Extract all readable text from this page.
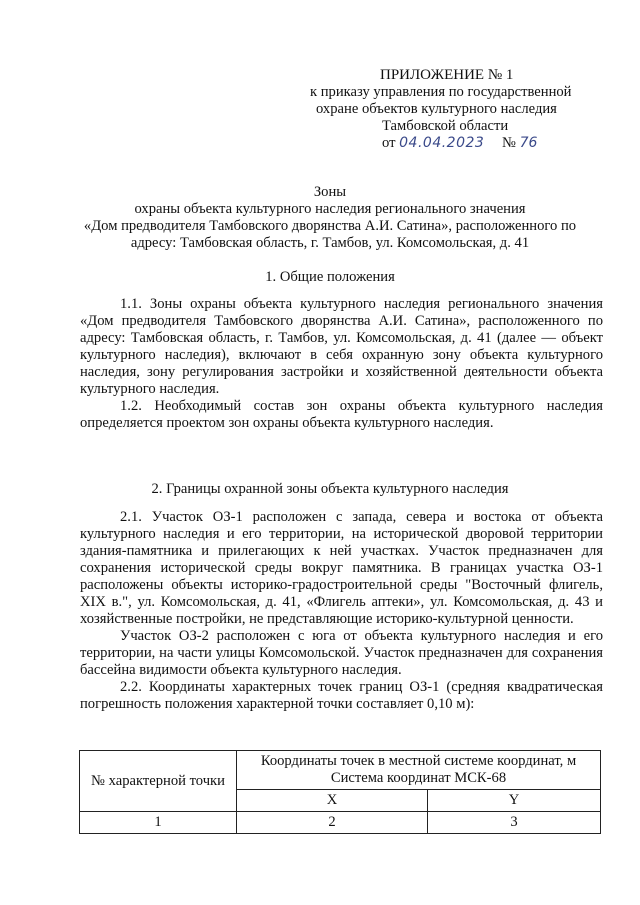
ПРИЛОЖЕНИЕ № 1
к приказу управления по государственной
охране объектов культурного наследия
Тамбовской области
от 04.04.2023 № 76
Зоны
охраны объекта культурного наследия регионального значения
«Дом предводителя Тамбовского дворянства А.И. Сатина», расположенного по
адресу: Тамбовская область, г. Тамбов, ул. Комсомольская, д. 41
1. Общие положения

1.1. Зоны охраны объекта культурного наследия регионального значения «Дом предводителя Тамбовского дворянства А.И. Сатина», расположенного по адресу: Тамбовская область, г. Тамбов, ул. Комсомольская, д. 41 (далее — объект культурного наследия), включают в себя охранную зону объекта культурного наследия, зону регулирования застройки и хозяйственной деятельности объекта культурного наследия.

1.2. Необходимый состав зон охраны объекта культурного наследия определяется проектом зон охраны объекта культурного наследия.

2. Границы охранной зоны объекта культурного наследия

2.1. Участок ОЗ-1 расположен с запада, севера и востока от объекта культурного наследия и его территории, на исторической дворовой территории здания-памятника и прилегающих к ней участках. Участок предназначен для сохранения исторической среды вокруг памятника. В границах участка ОЗ-1 расположены объекты историко-градостроительной среды "Восточный флигель, XIX в.", ул. Комсомольская, д. 41, «Флигель аптеки», ул. Комсомольская, д. 43 и хозяйственные постройки, не представляющие историко-культурной ценности.

Участок ОЗ-2 расположен с юга от объекта культурного наследия и его территории, на части улицы Комсомольской. Участок предназначен для сохранения бассейна видимости объекта культурного наследия.

2.2. Координаты характерных точек границ ОЗ-1 (средняя квадратическая погрешность положения характерной точки составляет 0,10 м):

№ характерной точки	Координаты точек в местной системе координат, м
Система координат МСК-68	

	X	Y
1	2	3
